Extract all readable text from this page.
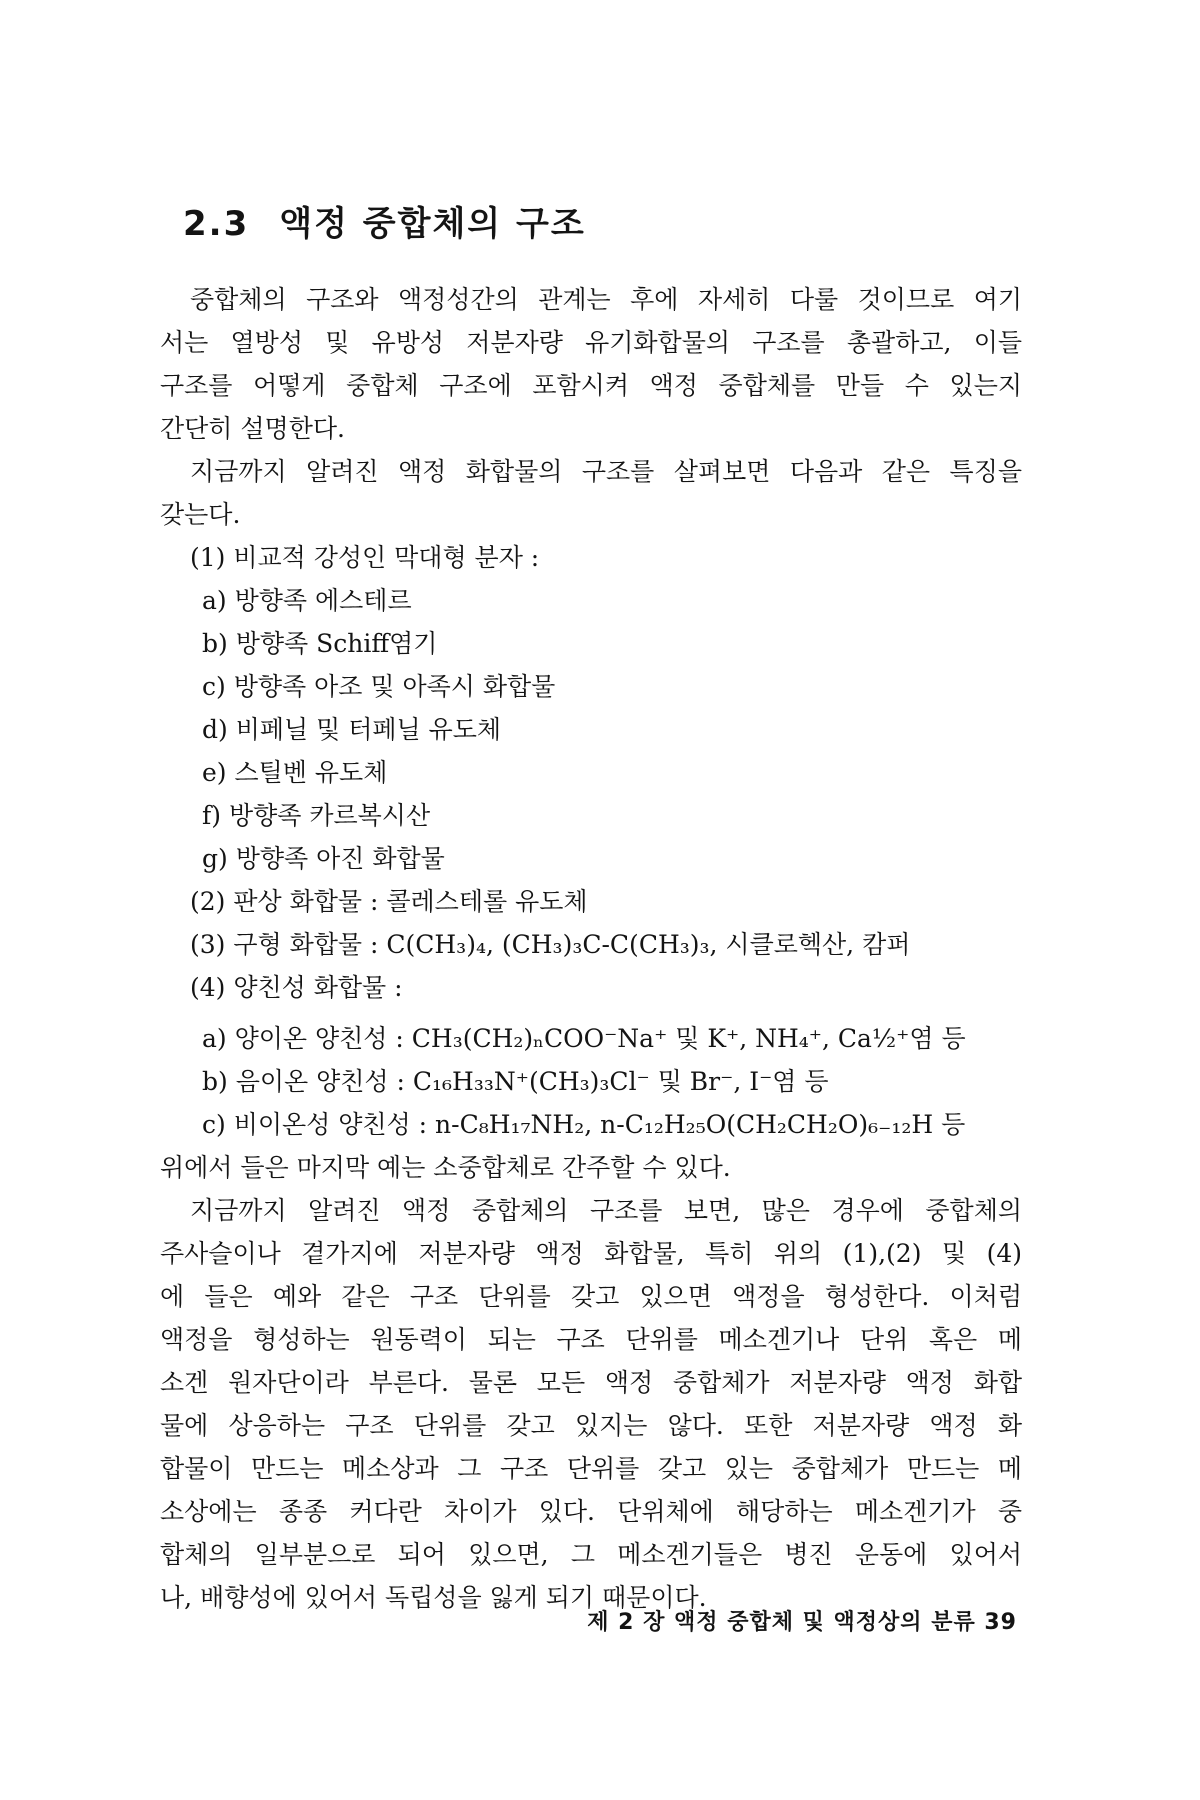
2.3 액정 중합체의 구조
중합체의 구조와 액정성간의 관계는 후에 자세히 다룰 것이므로 여기
서는 열방성 및 유방성 저분자량 유기화합물의 구조를 총괄하고, 이들
구조를 어떻게 중합체 구조에 포함시켜 액정 중합체를 만들 수 있는지
간단히 설명한다.
지금까지 알려진 액정 화합물의 구조를 살펴보면 다음과 같은 특징을
갖는다.
(1) 비교적 강성인 막대형 분자 :
a) 방향족 에스테르
b) 방향족 Schiff염기
c) 방향족 아조 및 아족시 화합물
d) 비페닐 및 터페닐 유도체
e) 스틸벤 유도체
f) 방향족 카르복시산
g) 방향족 아진 화합물
(2) 판상 화합물 : 콜레스테롤 유도체
(3) 구형 화합물 : C(CH₃)₄, (CH₃)₃C-C(CH₃)₃, 시클로헥산, 캄퍼
(4) 양친성 화합물 :
a) 양이온 양친성 : CH₃(CH₂)ₙCOO⁻Na⁺ 및 K⁺, NH₄⁺, Ca½⁺염 등
b) 음이온 양친성 : C₁₆H₃₃N⁺(CH₃)₃Cl⁻ 및 Br⁻, I⁻염 등
c) 비이온성 양친성 : n-C₈H₁₇NH₂, n-C₁₂H₂₅O(CH₂CH₂O)₆₋₁₂H 등
위에서 들은 마지막 예는 소중합체로 간주할 수 있다.
지금까지 알려진 액정 중합체의 구조를 보면, 많은 경우에 중합체의
주사슬이나 곁가지에 저분자량 액정 화합물, 특히 위의 (1),(2) 및 (4)
에 들은 예와 같은 구조 단위를 갖고 있으면 액정을 형성한다. 이처럼
액정을 형성하는 원동력이 되는 구조 단위를 메소겐기나 단위 혹은 메
소겐 원자단이라 부른다. 물론 모든 액정 중합체가 저분자량 액정 화합
물에 상응하는 구조 단위를 갖고 있지는 않다. 또한 저분자량 액정 화
합물이 만드는 메소상과 그 구조 단위를 갖고 있는 중합체가 만드는 메
소상에는 종종 커다란 차이가 있다. 단위체에 해당하는 메소겐기가 중
합체의 일부분으로 되어 있으면, 그 메소겐기들은 병진 운동에 있어서
나, 배향성에 있어서 독립성을 잃게 되기 때문이다.
제 2 장 액정 중합체 및 액정상의 분류 39
